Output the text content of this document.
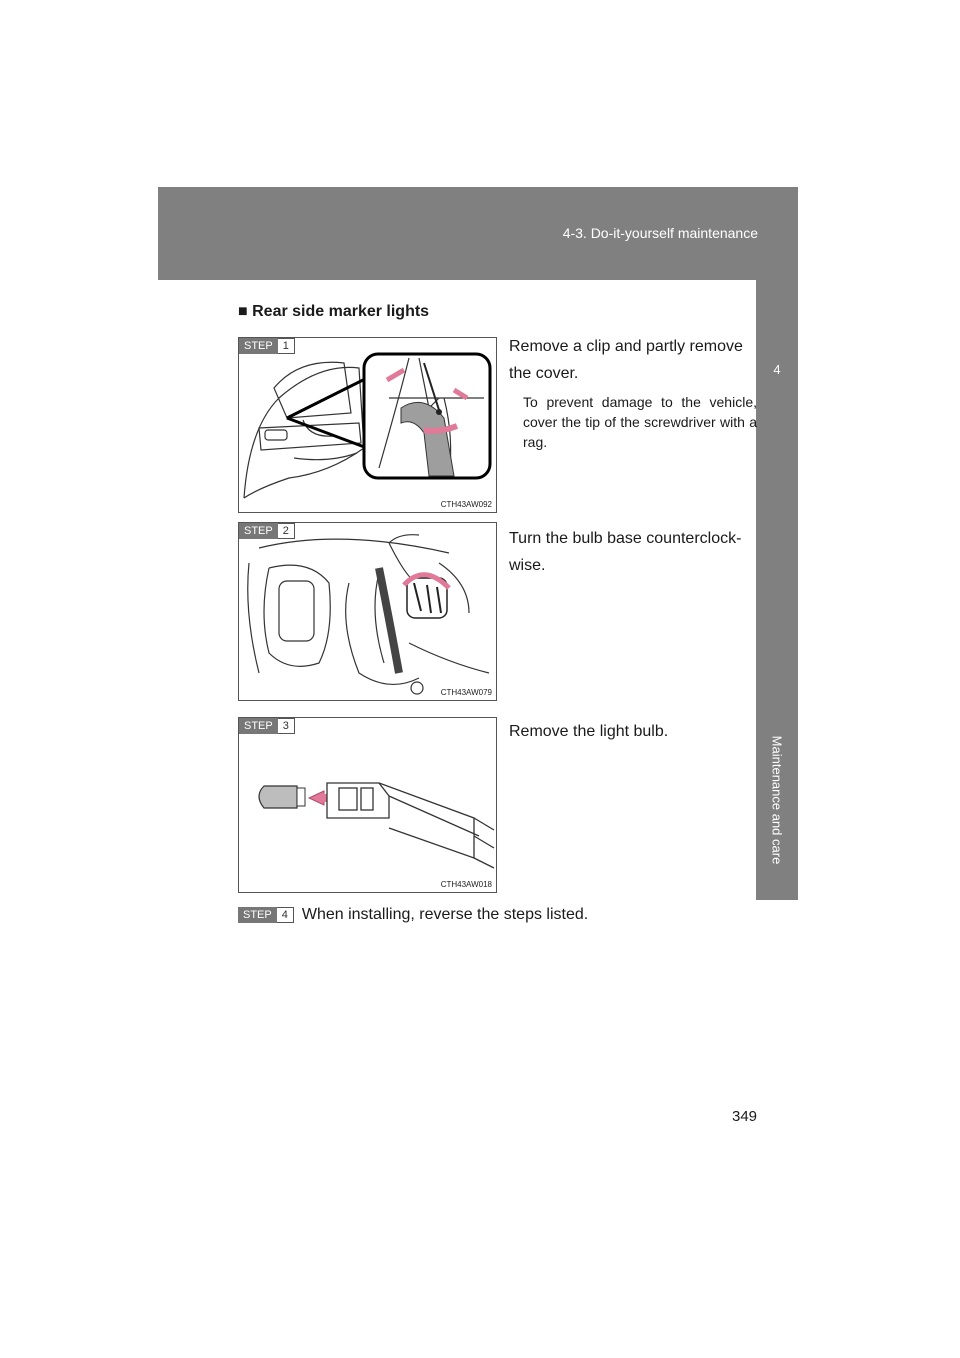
4-3. Do-it-yourself maintenance
4
Maintenance and care
■ Rear side marker lights
STEP 1
CTH43AW092
Remove a clip and partly remove
the cover.
To prevent damage to the vehicle, cover the tip of the screwdriver with a rag.
STEP 2
CTH43AW079
Turn the bulb base counterclock-
wise.
STEP 3
CTH43AW018
Remove the light bulb.
STEP 4 When installing, reverse the steps listed.
349
